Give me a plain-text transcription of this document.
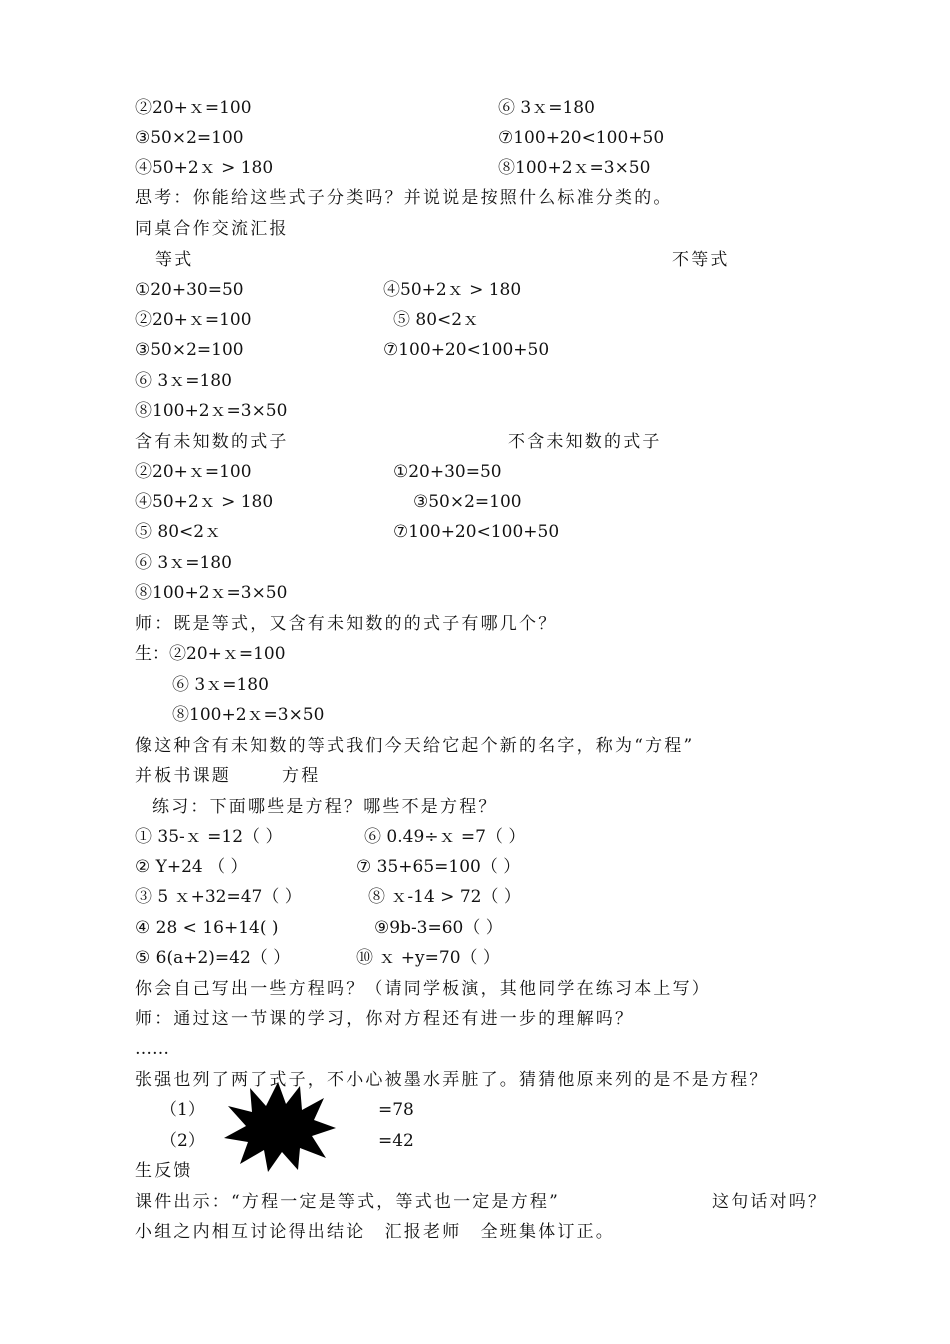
②20+ｘ=100	⑥ 3ｘ=180
③50×2=100	⑦100+20<100+50
④50+2ｘ > 180	⑧100+2ｘ=3×50
思考：你能给这些式子分类吗？并说说是按照什么标准分类的。
同桌合作交流汇报
等式	不等式
①20+30=50	④50+2ｘ > 180
②20+ｘ=100	⑤ 80<2ｘ
③50×2=100	⑦100+20<100+50
⑥ 3ｘ=180
⑧100+2ｘ=3×50
含有未知数的式子	不含未知数的式子
②20+ｘ=100	①20+30=50
④50+2ｘ > 180	③50×2=100
⑤ 80<2ｘ	⑦100+20<100+50
⑥ 3ｘ=180
⑧100+2ｘ=3×50
师：既是等式，又含有未知数的的式子有哪几个？
生：②20+ｘ=100
⑥ 3ｘ=180
⑧100+2ｘ=3×50
像这种含有未知数的等式我们今天给它起个新的名字，称为“方程”
并板书课题	方程
练习：下面哪些是方程？哪些不是方程？
① 35-ｘ =12（ ）	⑥ 0.49÷ｘ =7（ ）
② Y+24 （ ）	⑦ 35+65=100（ ）
③ 5 ｘ+32=47（ ）	⑧ ｘ-14 > 72（ ）
④ 28 < 16+14( )	⑨9b-3=60（ ）
⑤ 6(a+2)=42（ ）	⑩ ｘ +y=70（ ）
你会自己写出一些方程吗？（请同学板演，其他同学在练习本上写）
师：通过这一节课的学习，你对方程还有进一步的理解吗？
……
张强也列了两了式子，不小心被墨水弄脏了。猜猜他原来列的是不是方程？
（1）	=78
（2）	=42
生反馈
课件出示：“方程一定是等式，等式也一定是方程”	这句话对吗？
小组之内相互讨论得出结论　汇报老师　全班集体订正。
